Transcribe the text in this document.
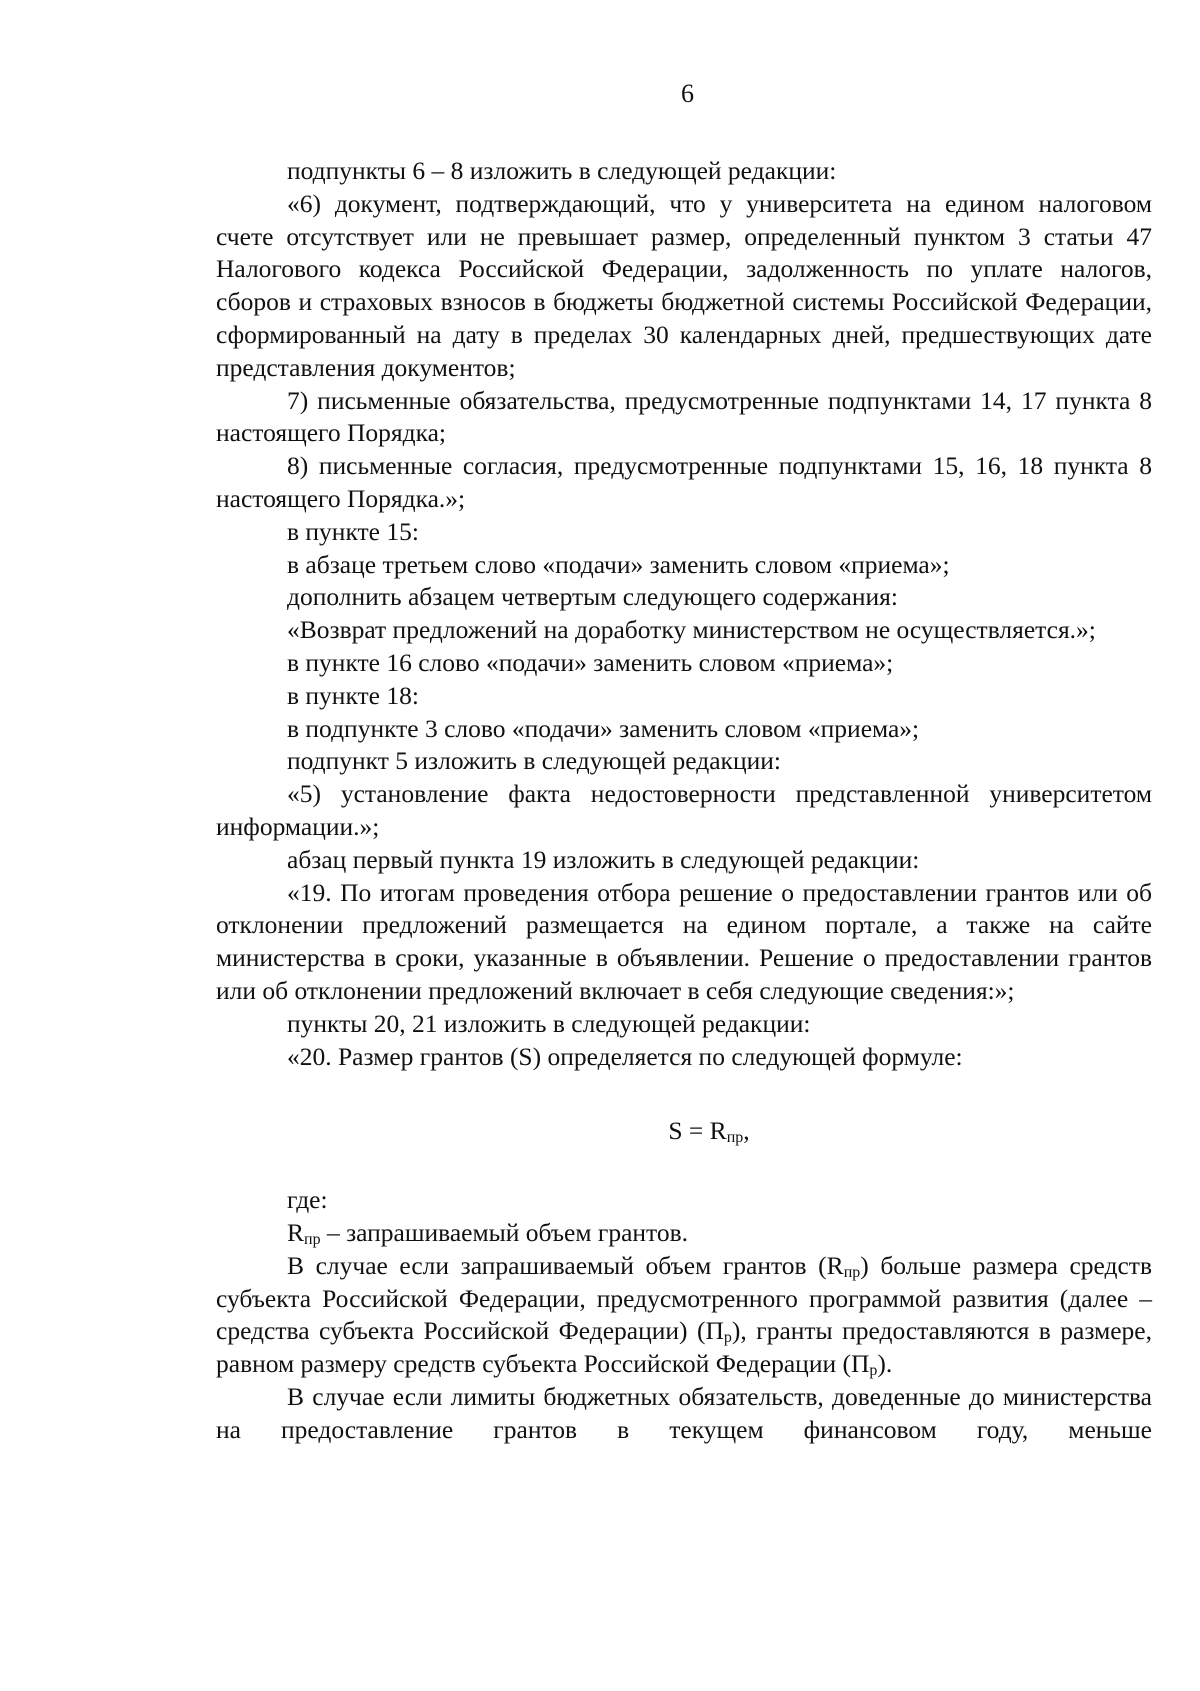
6

подпункты 6 – 8 изложить в следующей редакции:

«6) документ, подтверждающий, что у университета на едином налоговом счете отсутствует или не превышает размер, определенный пунктом 3 статьи 47 Налогового кодекса Российской Федерации, задолженность по уплате налогов, сборов и страховых взносов в бюджеты бюджетной системы Российской Федерации, сформированный на дату в пределах 30 календарных дней, предшествующих дате представления документов;

7) письменные обязательства, предусмотренные подпунктами 14, 17 пункта 8 настоящего Порядка;

8) письменные согласия, предусмотренные подпунктами 15, 16, 18 пункта 8 настоящего Порядка.»;

в пункте 15:

в абзаце третьем слово «подачи» заменить словом «приема»;

дополнить абзацем четвертым следующего содержания:

«Возврат предложений на доработку министерством не осуществляется.»;

в пункте 16 слово «подачи» заменить словом «приема»;

в пункте 18:

в подпункте 3 слово «подачи» заменить словом «приема»;

подпункт 5 изложить в следующей редакции:

«5) установление факта недостоверности представленной университетом информации.»;

абзац первый пункта 19 изложить в следующей редакции:

«19. По итогам проведения отбора решение о предоставлении грантов или об отклонении предложений размещается на едином портале, а также на сайте министерства в сроки, указанные в объявлении. Решение о предоставлении грантов или об отклонении предложений включает в себя следующие сведения:»;

пункты 20, 21 изложить в следующей редакции:

«20. Размер грантов (S) определяется по следующей формуле:

$S = R_{пр}$,

где:

$R_{пр}$ – запрашиваемый объем грантов.

В случае если запрашиваемый объем грантов $(R_{пр})$ больше размера средств субъекта Российской Федерации, предусмотренного программой развития (далее – средства субъекта Российской Федерации) $(П_р)$, гранты предоставляются в размере, равном размеру средств субъекта Российской Федерации $(П_р)$.

В случае если лимиты бюджетных обязательств, доведенные до министерства на предоставление грантов в текущем финансовом году, меньше
